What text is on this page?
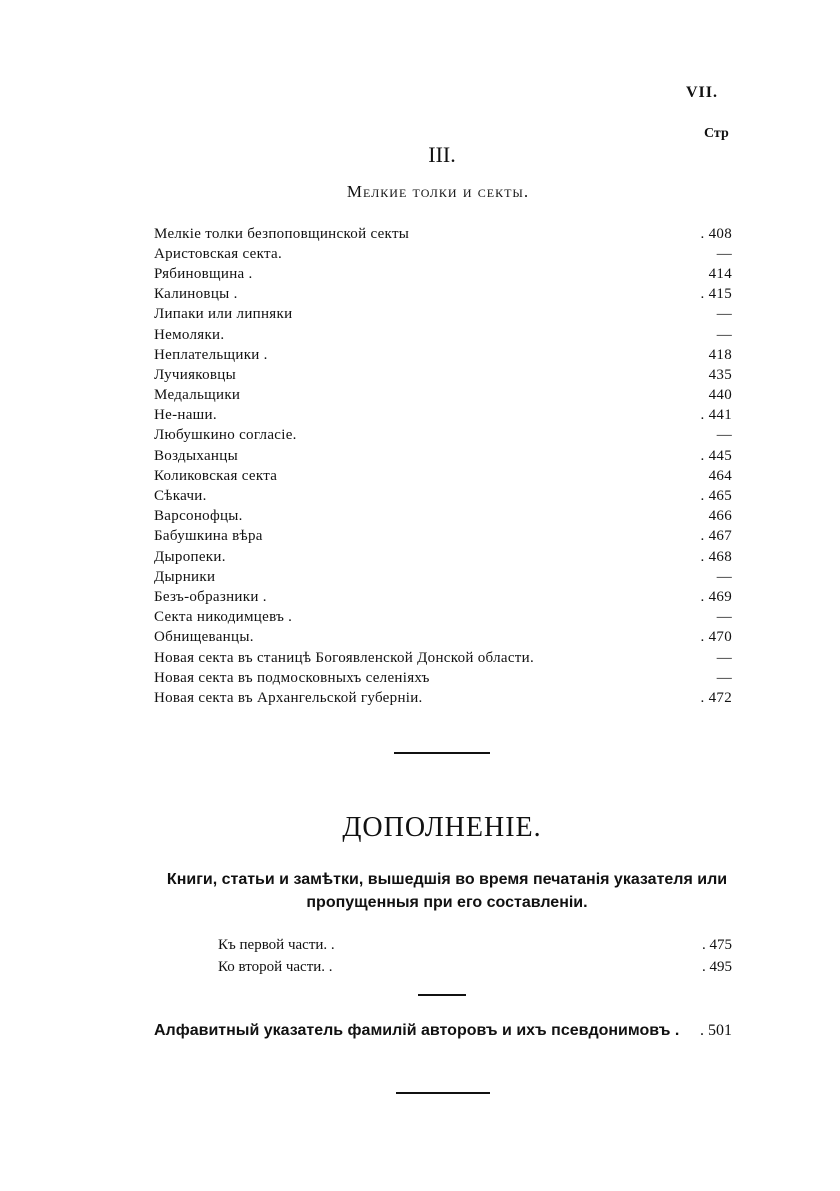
VII.
Стр
III.
Мелкие толки и секты.
Мелкіе толки безпоповщинской секты	. 408
Аристовская секта.	—
Рябиновщина .	414
Калиновцы .	. 415
Липаки или липняки	—
Немоляки.	—
Неплательщики .	418
Лучияковцы	435
Медальщики	440
Не-наши.	. 441
Любушкино согласіе.	—
Воздыханцы	. 445
Коликовская секта	464
Сѣкачи.	. 465
Варсонофцы.	466
Бабушкина вѣра	. 467
Дыропеки.	. 468
Дырники	—
Безъ-образники .	. 469
Секта никодимцевъ .	—
Обнищеванцы.	. 470
Новая секта въ станицѣ Богоявленской Донской области.	—
Новая секта въ подмосковныхъ селеніяхъ	—
Новая секта въ Архангельской губерніи.	. 472
ДОПОЛНЕНІЕ.
Книги, статьи и замѣтки, вышедшія во время печатанія указателя или пропущенныя при его составленіи.
Къ первой части. .	. 475
Ко второй части. .	. 495
Алфавитный указатель фамилій авторовъ и ихъ псевдонимовъ . . 501
